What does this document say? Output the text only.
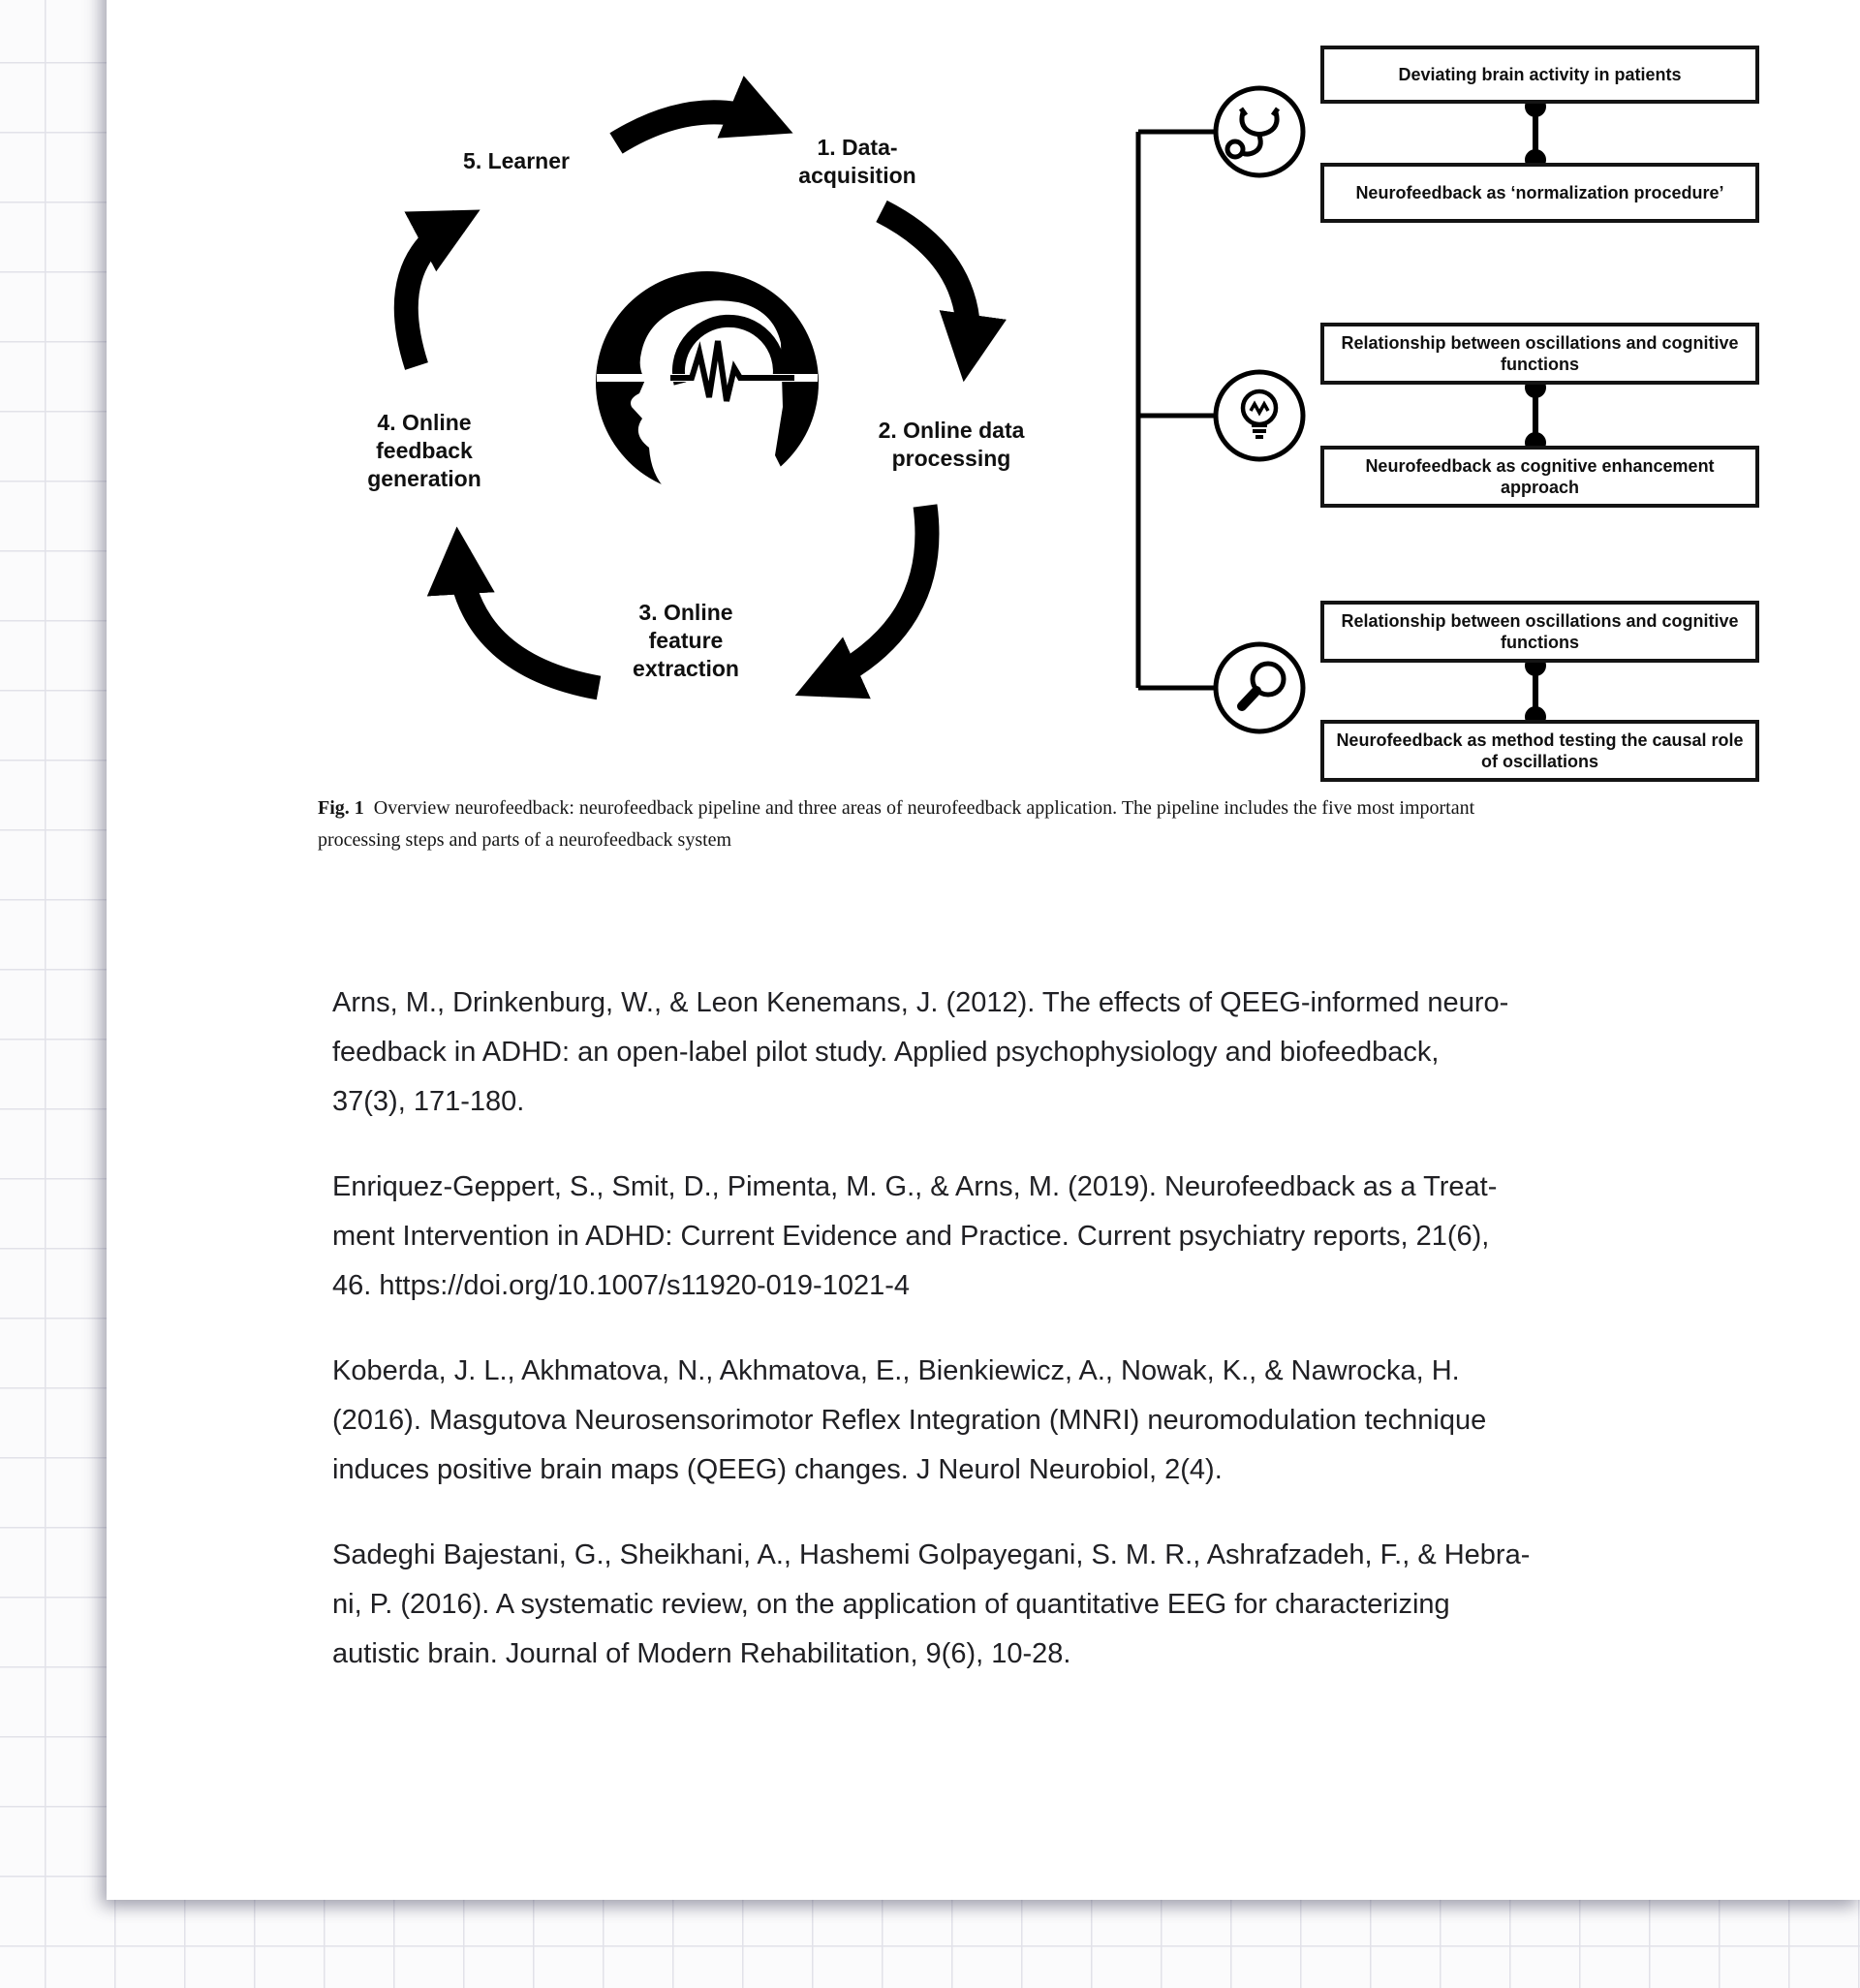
1. Data-
acquisition
2. Online data
processing
3. Online
feature
extraction
4. Online
feedback
generation
5. Learner
Deviating brain activity in patients
Neurofeedback as ‘normalization procedure’
Relationship between oscillations and cognitive functions
Neurofeedback as cognitive enhancement approach
Relationship between oscillations and cognitive functions
Neurofeedback as method testing the causal role of oscillations
Fig. 1 Overview neurofeedback: neurofeedback pipeline and three areas of neurofeedback application. The pipeline includes the five most important
processing steps and parts of a neurofeedback system
Arns, M., Drinkenburg, W., & Leon Kenemans, J. (2012). The effects of QEEG-informed neuro-
feedback in ADHD: an open-label pilot study. Applied psychophysiology and biofeedback,
37(3), 171-180.
Enriquez-Geppert, S., Smit, D., Pimenta, M. G., & Arns, M. (2019). Neurofeedback as a Treat-
ment Intervention in ADHD: Current Evidence and Practice. Current psychiatry reports, 21(6),
46. https://doi.org/10.1007/s11920-019-1021-4
Koberda, J. L., Akhmatova, N., Akhmatova, E., Bienkiewicz, A., Nowak, K., & Nawrocka, H.
(2016). Masgutova Neurosensorimotor Reflex Integration (MNRI) neuromodulation technique
induces positive brain maps (QEEG) changes. J Neurol Neurobiol, 2(4).
Sadeghi Bajestani, G., Sheikhani, A., Hashemi Golpayegani, S. M. R., Ashrafzadeh, F., & Hebra-
ni, P. (2016). A systematic review, on the application of quantitative EEG for characterizing
autistic brain. Journal of Modern Rehabilitation, 9(6), 10-28.
